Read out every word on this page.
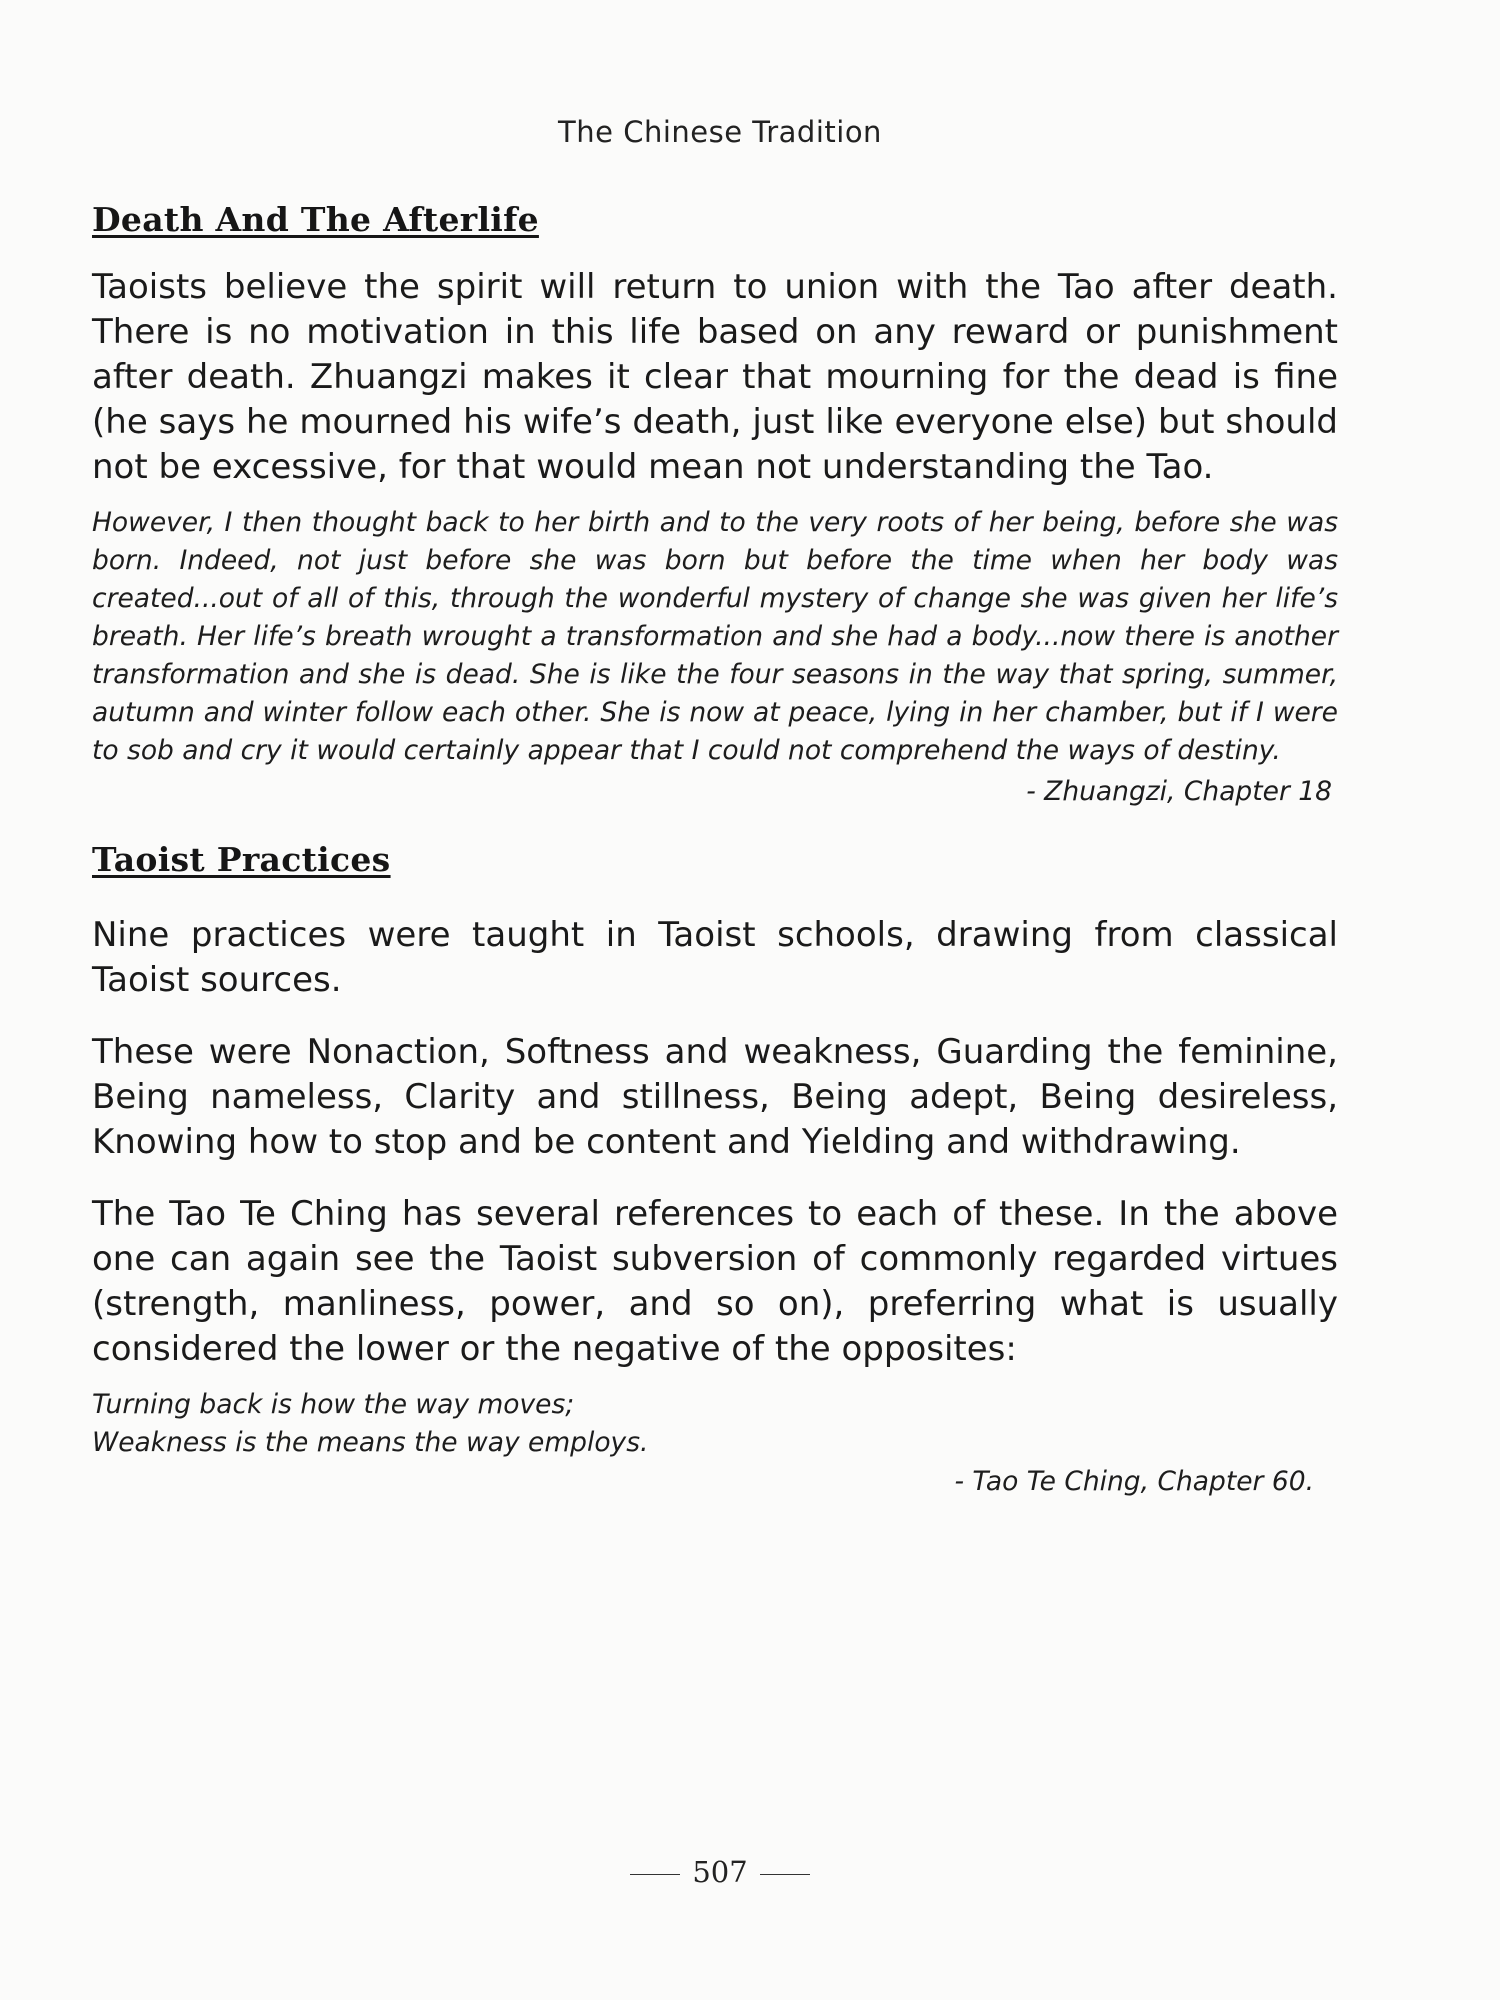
The Chinese Tradition
Death And The Afterlife

Taoists believe the spirit will return to union with the Tao after death. There is no motivation in this life based on any reward or punishment after death. Zhuangzi makes it clear that mourning for the dead is fine (he says he mourned his wife’s death, just like everyone else) but should not be excessive, for that would mean not understanding the Tao.

However, I then thought back to her birth and to the very roots of her being, before she was born. Indeed, not just before she was born but before the time when her body was created...out of all of this, through the wonderful mystery of change she was given her life’s breath. Her life’s breath wrought a transformation and she had a body...now there is another transformation and she is dead. She is like the four seasons in the way that spring, summer, autumn and winter follow each other. She is now at peace, lying in her chamber, but if I were to sob and cry it would certainly appear that I could not comprehend the ways of destiny.

- Zhuangzi, Chapter 18

Taoist Practices

Nine practices were taught in Taoist schools, drawing from classical Taoist sources.

These were Nonaction, Softness and weakness, Guarding the feminine, Being nameless, Clarity and stillness, Being adept, Being desireless, Knowing how to stop and be content and Yielding and withdrawing.

The Tao Te Ching has several references to each of these. In the above one can again see the Taoist subversion of commonly regarded virtues (strength, manliness, power, and so on), preferring what is usually considered the lower or the negative of the opposites:

Turning back is how the way moves;
Weakness is the means the way employs.

- Tao Te Ching, Chapter 60.

507
